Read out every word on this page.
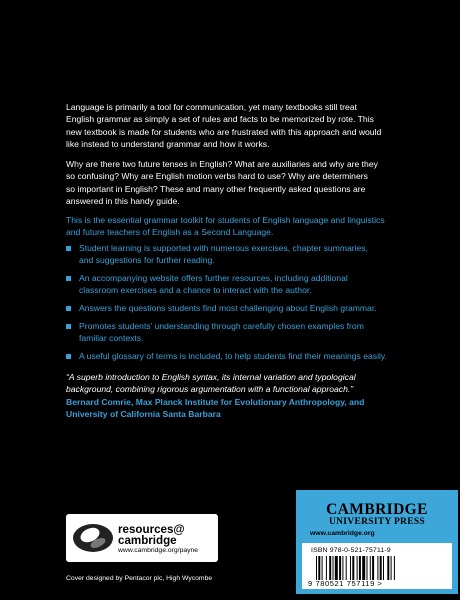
Language is primarily a tool for communication, yet many textbooks still treat
English grammar as simply a set of rules and facts to be memorized by rote. This
new textbook is made for students who are frustrated with this approach and would
like instead to understand grammar and how it works.
Why are there two future tenses in English? What are auxiliaries and why are they
so confusing? Why are English motion verbs hard to use? Why are determiners
so important in English? These and many other frequently asked questions are
answered in this handy guide.
This is the essential grammar toolkit for students of English language and linguistics
and future teachers of English as a Second Language.
Student learning is supported with numerous exercises, chapter summaries,
and suggestions for further reading.
An accompanying website offers further resources, including additional
classroom exercises and a chance to interact with the author.
Answers the questions students find most challenging about English grammar.
Promotes students’ understanding through carefully chosen examples from
familiar contexts.
A useful glossary of terms is included, to help students find their meanings easily.
“A superb introduction to English syntax, its internal variation and typological
background, combining rigorous argumentation with a functional approach.”
Bernard Comrie, Max Planck Institute for Evolutionary Anthropology, and
University of California Santa Barbara
resources@
cambridge
www.cambridge.org/payne
Cover designed by Pentacor plc, High Wycombe
CAMBRIDGE
UNIVERSITY PRESS
www.cambridge.org
ISBN 978-0-521-75711-9
9 780521 757119 >
